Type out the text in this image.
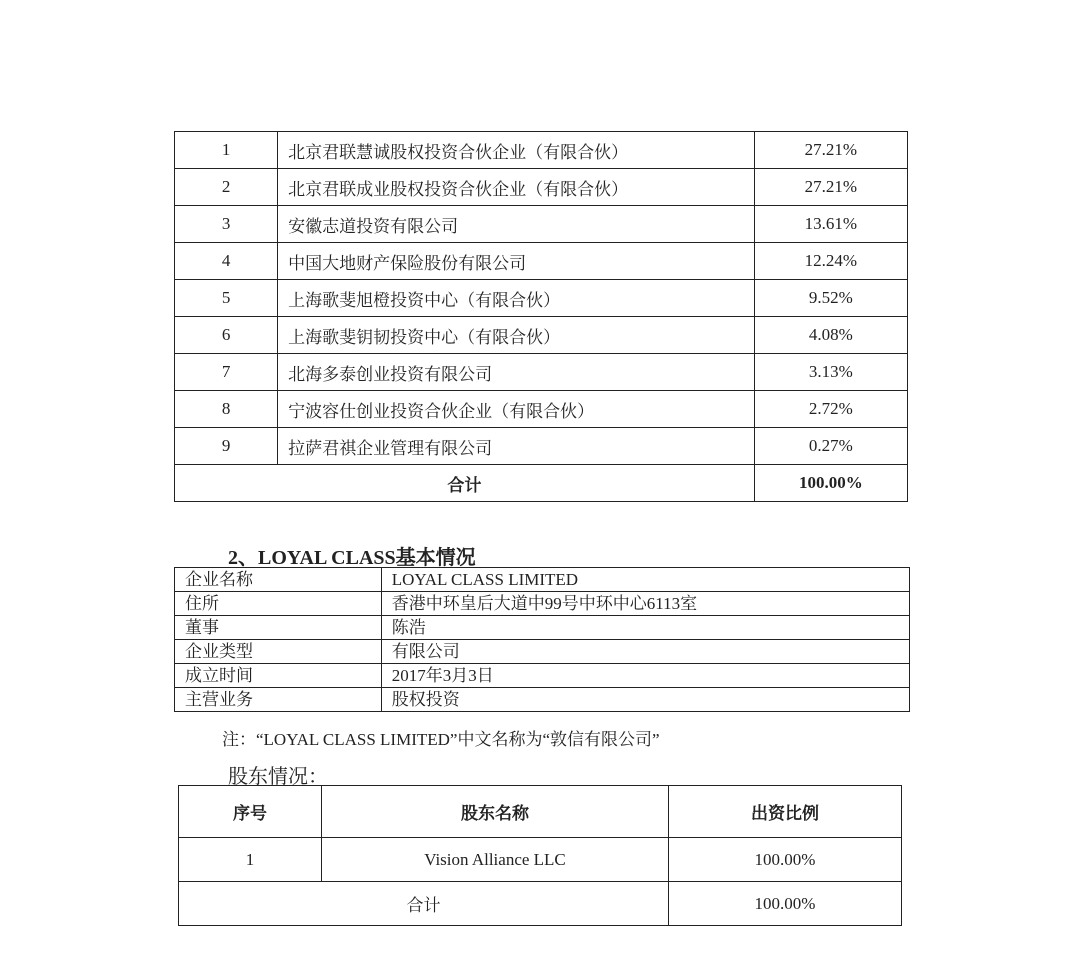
1	北京君联慧诚股权投资合伙企业（有限合伙）	27.21%
2	北京君联成业股权投资合伙企业（有限合伙）	27.21%
3	安徽志道投资有限公司	13.61%
4	中国大地财产保险股份有限公司	12.24%
5	上海歌斐旭橙投资中心（有限合伙）	9.52%
6	上海歌斐钥韧投资中心（有限合伙）	4.08%
7	北海多泰创业投资有限公司	3.13%
8	宁波容仕创业投资合伙企业（有限合伙）	2.72%
9	拉萨君祺企业管理有限公司	0.27%
合计		100.00%
2、LOYAL CLASS基本情况
企业名称	LOYAL CLASS LIMITED
住所	香港中环皇后大道中99号中环中心6113室
董事	陈浩
企业类型	有限公司
成立时间	2017年3月3日
主营业务	股权投资

注：“LOYAL CLASS LIMITED”中文名称为“敦信有限公司”

股东情况：

序号	股东名称	出资比例
1	Vision Alliance LLC	100.00%
合计		100.00%
